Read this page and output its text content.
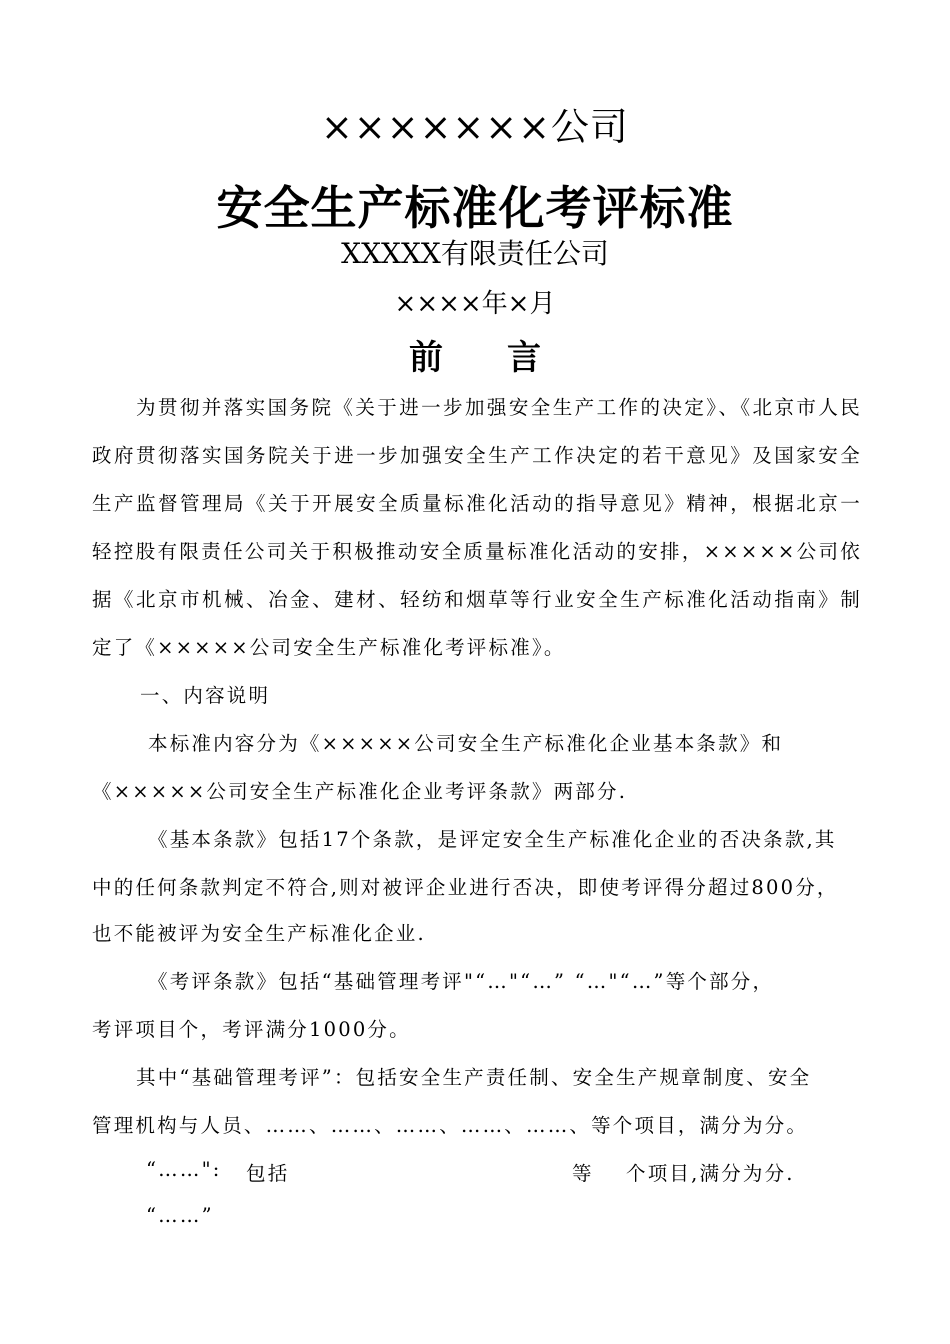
×××××××公司
安全生产标准化考评标准
XXXXX有限责任公司
××××年×月
前 言
为贯彻并落实国务院《关于进一步加强安全生产工作的决定》、《北京市人民政府贯彻落实国务院关于进一步加强安全生产工作决定的若干意见》及国家安全生产监督管理局《关于开展安全质量标准化活动的指导意见》精神，根据北京一轻控股有限责任公司关于积极推动安全质量标准化活动的安排，×××××公司依据《北京市机械、冶金、建材、轻纺和烟草等行业安全生产标准化活动指南》制定了《×××××公司安全生产标准化考评标准》。
一、内容说明
本标准内容分为《×××××公司安全生产标准化企业基本条款》和
《×××××公司安全生产标准化企业考评条款》两部分.
《基本条款》包括17个条款，是评定安全生产标准化企业的否决条款,其
中的任何条款判定不符合,则对被评企业进行否决，即使考评得分超过800分，
也不能被评为安全生产标准化企业.
《考评条款》包括“基础管理考评"“…"“…” “…"“…”等个部分，
考评项目个，考评满分1000分。
其中“基础管理考评”：包括安全生产责任制、安全生产规章制度、安全
管理机构与人员、……、……、……、……、……、等个项目，满分为分。
“……": 包括	等 个项目,满分为分.
“……”
